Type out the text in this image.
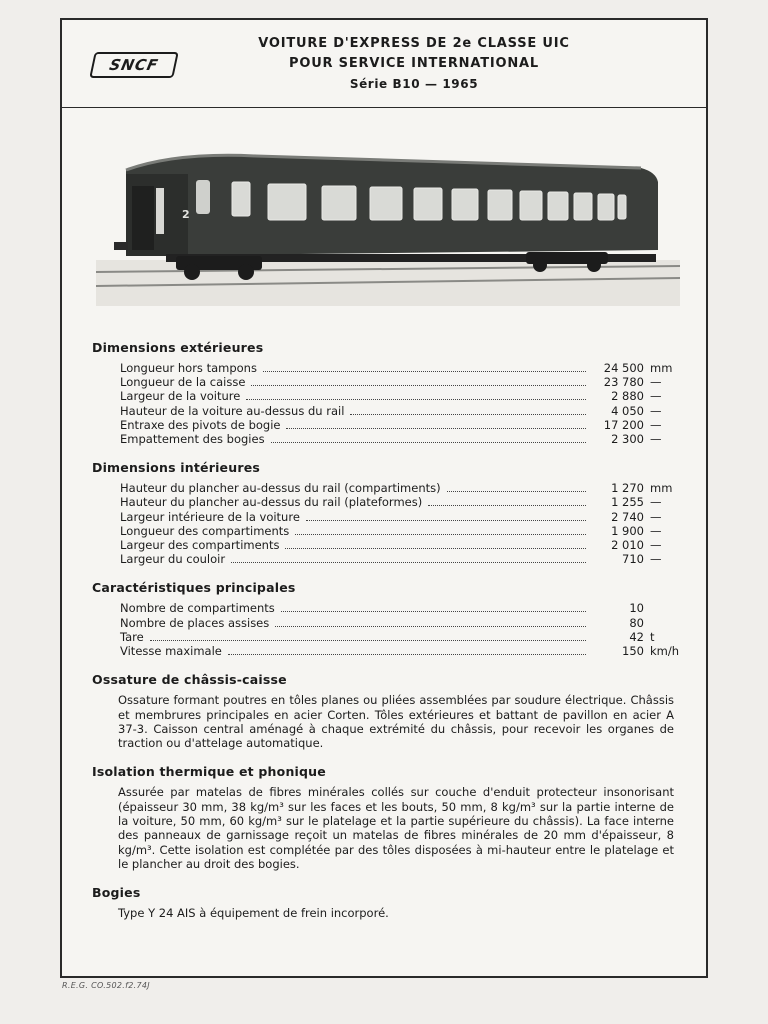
SNCF
VOITURE D'EXPRESS DE 2e CLASSE UIC
POUR SERVICE INTERNATIONAL
Série B10 — 1965
2
Dimensions extérieures
Longueur hors tampons	24 500 mm
Longueur de la caisse	23 780 —
Largeur de la voiture	2 880 —
Hauteur de la voiture au-dessus du rail	4 050 —
Entraxe des pivots de bogie	17 200 —
Empattement des bogies	2 300 —
Dimensions intérieures
Hauteur du plancher au-dessus du rail (compartiments)	1 270 mm
Hauteur du plancher au-dessus du rail (plateformes)	1 255 —
Largeur intérieure de la voiture	2 740 —
Longueur des compartiments	1 900 —
Largeur des compartiments	2 010 —
Largeur du couloir	710 —
Caractéristiques principales
Nombre de compartiments	10
Nombre de places assises	80
Tare	42 t
Vitesse maximale	150 km/h
Ossature de châssis-caisse

Ossature formant poutres en tôles planes ou pliées assemblées par soudure électrique. Châssis et membrures principales en acier Corten. Tôles extérieures et battant de pavillon en acier A 37-3. Caisson central aménagé à chaque extrémité du châssis, pour recevoir les organes de traction ou d'attelage automatique.

Isolation thermique et phonique

Assurée par matelas de fibres minérales collés sur couche d'enduit protecteur insonorisant (épaisseur 30 mm, 38 kg/m³ sur les faces et les bouts, 50 mm, 8 kg/m³ sur la partie interne de la voiture, 50 mm, 60 kg/m³ sur le platelage et la partie supérieure du châssis). La face interne des panneaux de garnissage reçoit un matelas de fibres minérales de 20 mm d'épaisseur, 8 kg/m³. Cette isolation est complétée par des tôles disposées à mi-hauteur entre le platelage et le plancher au droit des bogies.

Bogies

Type Y 24 AIS à équipement de frein incorporé.

R.E.G. CO.502.f2.74J
